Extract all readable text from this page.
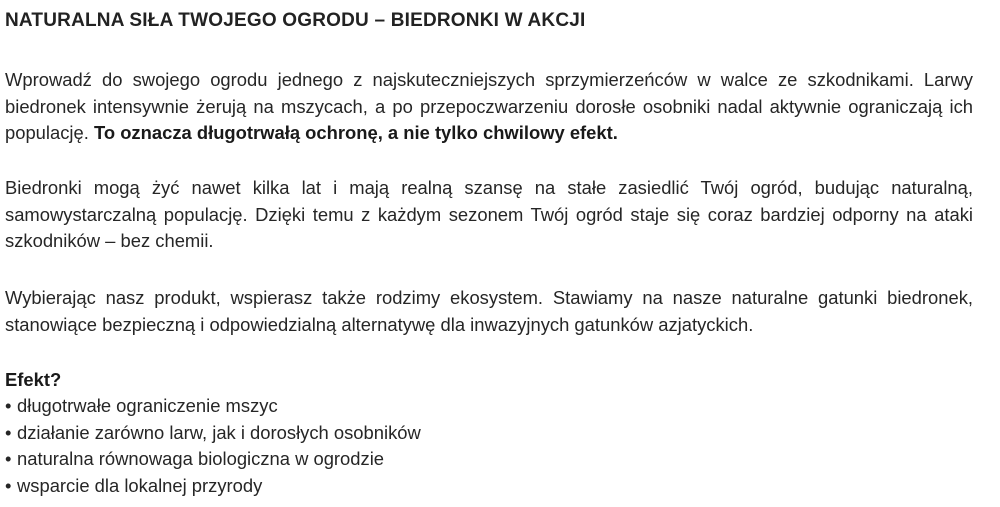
NATURALNA SIŁA TWOJEGO OGRODU – BIEDRONKI W AKCJI

Wprowadź do swojego ogrodu jednego z najskuteczniejszych sprzymierzeńców w walce ze szkodnikami. Larwy biedronek intensywnie żerują na mszycach, a po przepoczwarzeniu dorosłe osobniki nadal aktywnie ograniczają ich populację. To oznacza długotrwałą ochronę, a nie tylko chwilowy efekt.

Biedronki mogą żyć nawet kilka lat i mają realną szansę na stałe zasiedlić Twój ogród, budując naturalną, samowystarczalną populację. Dzięki temu z każdym sezonem Twój ogród staje się coraz bardziej odporny na ataki szkodników – bez chemii.

Wybierając nasz produkt, wspierasz także rodzimy ekosystem. Stawiamy na nasze naturalne gatunki biedronek, stanowiące bezpieczną i odpowiedzialną alternatywę dla inwazyjnych gatunków azjatyckich.

Efekt?
• długotrwałe ograniczenie mszyc
• działanie zarówno larw, jak i dorosłych osobników
• naturalna równowaga biologiczna w ogrodzie
• wsparcie dla lokalnej przyrody
